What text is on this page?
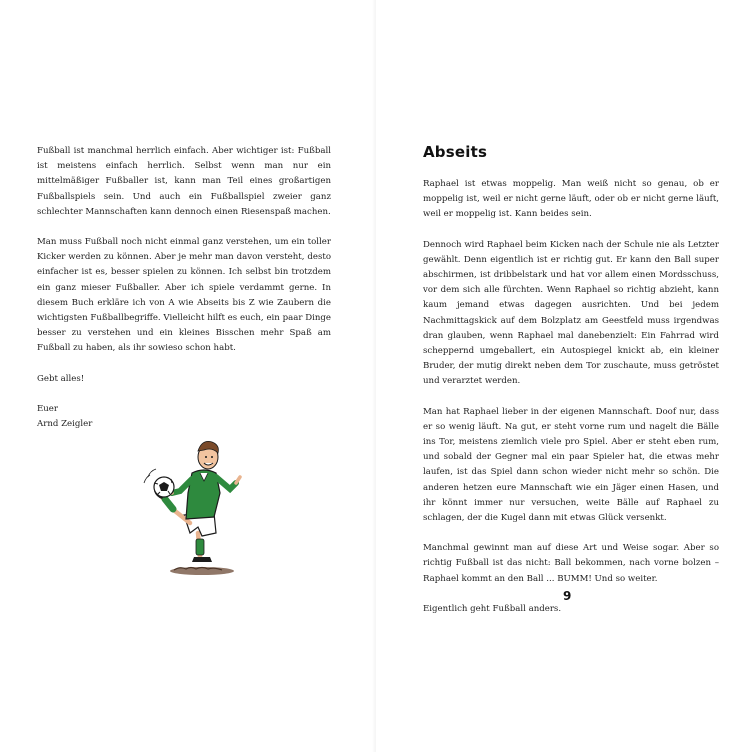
Fußball ist manchmal herrlich einfach. Aber wichtiger ist: Fußball ist meistens einfach herrlich. Selbst wenn man nur ein mittelmäßiger Fußballer ist, kann man Teil eines großartigen Fußballspiels sein. Und auch ein Fußballspiel zweier ganz schlechter Mannschaften kann dennoch einen Riesenspaß machen.

Man muss Fußball noch nicht einmal ganz verstehen, um ein toller Kicker werden zu können. Aber je mehr man davon versteht, desto einfacher ist es, besser spielen zu können. Ich selbst bin trotzdem ein ganz mieser Fußballer. Aber ich spiele verdammt gerne. In diesem Buch erkläre ich von A wie Abseits bis Z wie Zaubern die wichtigsten Fußballbegriffe. Vielleicht hilft es euch, ein paar Dinge besser zu verstehen und ein kleines Bisschen mehr Spaß am Fußball zu haben, als ihr sowieso schon habt.

Gebt alles!

Euer
Arnd Zeigler
Abseits

Raphael ist etwas moppelig. Man weiß nicht so genau, ob er moppelig ist, weil er nicht gerne läuft, oder ob er nicht gerne läuft, weil er moppelig ist. Kann beides sein.

Dennoch wird Raphael beim Kicken nach der Schule nie als Letzter gewählt. Denn eigentlich ist er richtig gut. Er kann den Ball super abschirmen, ist dribbelstark und hat vor allem einen Mordsschuss, vor dem sich alle fürchten. Wenn Raphael so richtig abzieht, kann kaum jemand etwas dagegen ausrichten. Und bei jedem Nachmittagskick auf dem Bolzplatz am Geestfeld muss irgendwas dran glauben, wenn Raphael mal danebenzielt: Ein Fahrrad wird scheppernd umgeballert, ein Autospiegel knickt ab, ein kleiner Bruder, der mutig direkt neben dem Tor zuschaute, muss getröstet und verarztet werden.

Man hat Raphael lieber in der eigenen Mannschaft. Doof nur, dass er so wenig läuft. Na gut, er steht vorne rum und nagelt die Bälle ins Tor, meistens ziemlich viele pro Spiel. Aber er steht eben rum, und sobald der Gegner mal ein paar Spieler hat, die etwas mehr laufen, ist das Spiel dann schon wieder nicht mehr so schön. Die anderen hetzen eure Mannschaft wie ein Jäger einen Hasen, und ihr könnt immer nur versuchen, weite Bälle auf Raphael zu schlagen, der die Kugel dann mit etwas Glück versenkt.

Manchmal gewinnt man auf diese Art und Weise sogar. Aber so richtig Fußball ist das nicht: Ball bekommen, nach vorne bolzen – Raphael kommt an den Ball ... BUMM! Und so weiter.

Eigentlich geht Fußball anders.

9
